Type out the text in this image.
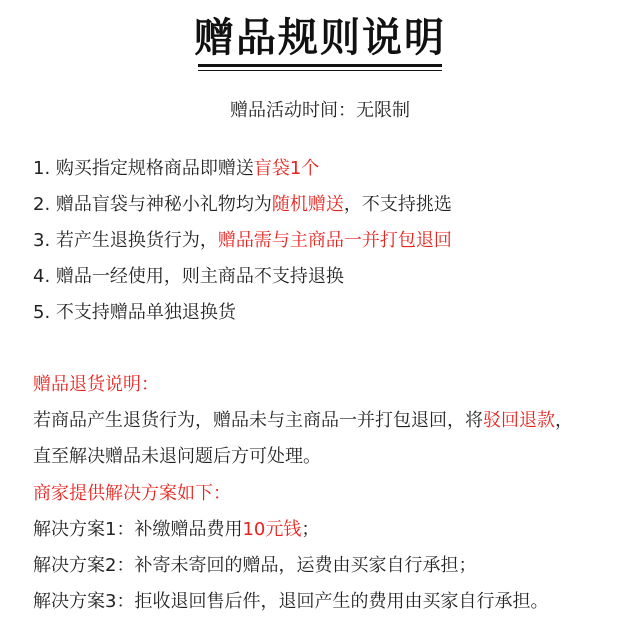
赠品规则说明
赠品活动时间：无限制
1. 购买指定规格商品即赠送盲袋1个
2. 赠品盲袋与神秘小礼物均为随机赠送，不支持挑选
3. 若产生退换货行为，赠品需与主商品一并打包退回
4. 赠品一经使用，则主商品不支持退换
5. 不支持赠品单独退换货
赠品退货说明：
若商品产生退货行为，赠品未与主商品一并打包退回，将驳回退款，
直至解决赠品未退问题后方可处理。
商家提供解决方案如下：
解决方案1：补缴赠品费用10元钱；
解决方案2：补寄未寄回的赠品，运费由买家自行承担；
解决方案3：拒收退回售后件，退回产生的费用由买家自行承担。
